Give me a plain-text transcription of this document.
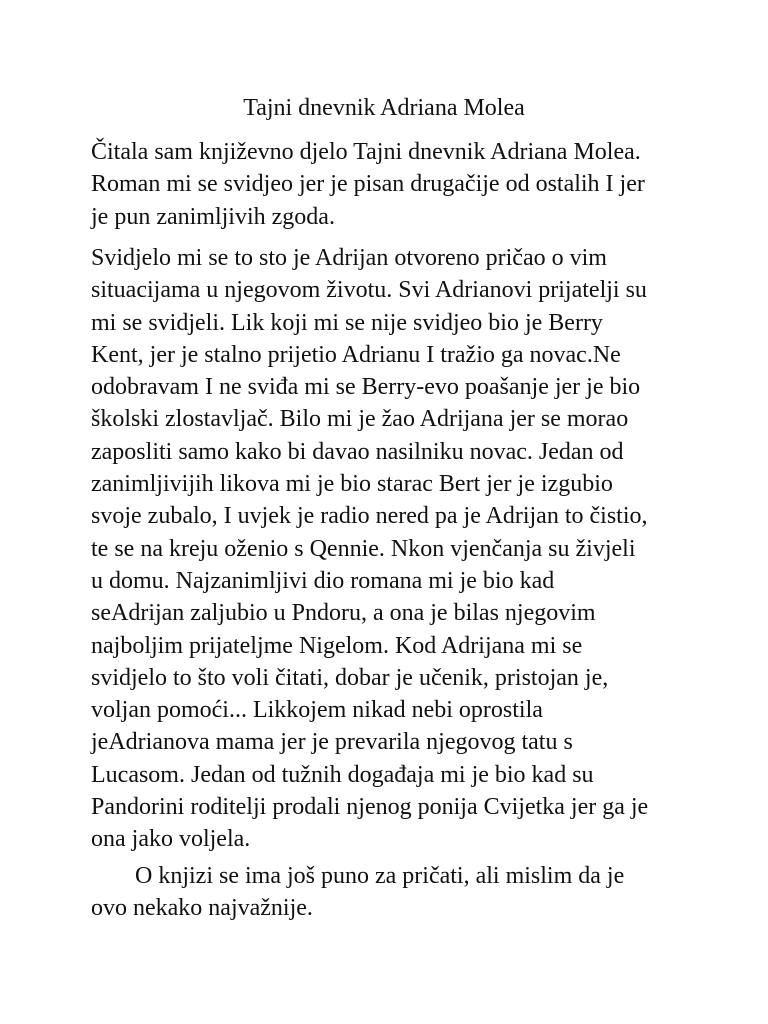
Tajni dnevnik Adriana Molea

Čitala sam književno djelo Tajni dnevnik Adriana Molea.
Roman mi se svidjeo jer je pisan drugačije od ostalih I jer
je pun zanimljivih zgoda.

Svidjelo mi se to sto je Adrijan otvoreno pričao o vim
situacijama u njegovom životu. Svi Adrianovi prijatelji su
mi se svidjeli. Lik koji mi se nije svidjeo bio je Berry
Kent, jer je stalno prijetio Adrianu I tražio ga novac.Ne
odobravam I ne sviđa mi se Berry-evo poašanje jer je bio
školski zlostavljač. Bilo mi je žao Adrijana jer se morao
zaposliti samo kako bi davao nasilniku novac. Jedan od
zanimljivijih likova mi je bio starac Bert jer je izgubio
svoje zubalo, I uvjek je radio nered pa je Adrijan to čistio,
te se na kreju oženio s Qennie. Nkon vjenčanja su živjeli
u domu. Najzanimljivi dio romana mi je bio kad
seAdrijan zaljubio u Pndoru, a ona je bilas njegovim
najboljim prijateljme Nigelom. Kod Adrijana mi se
svidjelo to što voli čitati, dobar je učenik, pristojan je,
voljan pomoći... Likkojem nikad nebi oprostila
jeAdrianova mama jer je prevarila njegovog tatu s
Lucasom. Jedan od tužnih događaja mi je bio kad su
Pandorini roditelji prodali njenog ponija Cvijetka jer ga je
ona jako voljela.

O knjizi se ima još puno za pričati, ali mislim da je
ovo nekako najvažnije.
